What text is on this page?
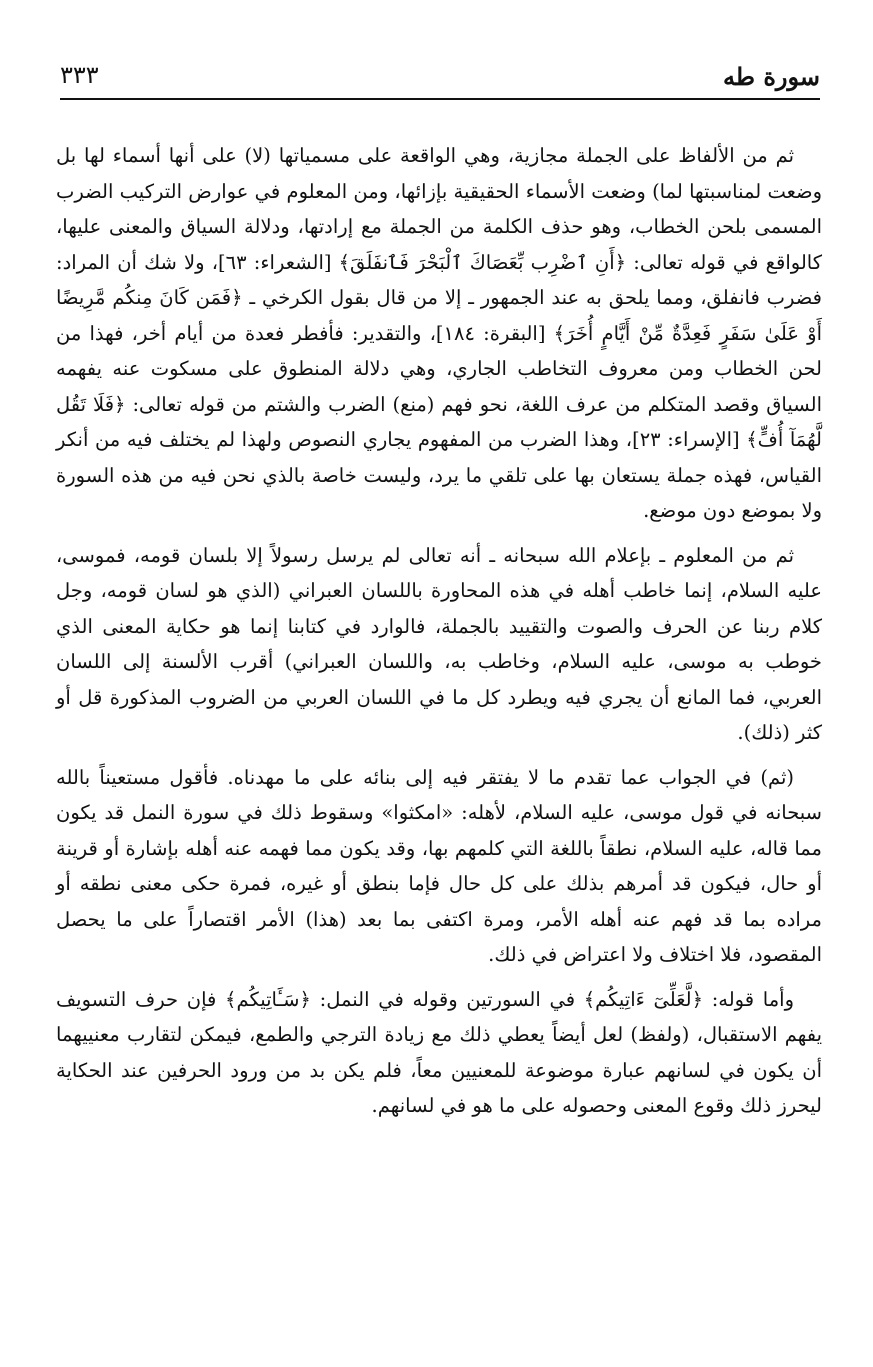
سورة طه
٣٣٣

ثم من الألفاظ على الجملة مجازية، وهي الواقعة على مسمياتها (لا) على أنها أسماء لها بل وضعت لمناسبتها لما) وضعت الأسماء الحقيقية بإزائها، ومن المعلوم في عوارض التركيب الضرب المسمى بلحن الخطاب، وهو حذف الكلمة من الجملة مع إرادتها، ودلالة السياق والمعنى عليها، كالواقع في قوله تعالى: ﴿أَنِ ٱضْرِب بِّعَصَاكَ ٱلْبَحْرَ فَٱنفَلَقَ﴾ [الشعراء: ٦٣]، ولا شك أن المراد: فضرب فانفلق، ومما يلحق به عند الجمهور ـ إلا من قال بقول الكرخي ـ ﴿فَمَن كَانَ مِنكُم مَّرِيضًا أَوْ عَلَىٰ سَفَرٍ فَعِدَّةٌ مِّنْ أَيَّامٍ أُخَرَ﴾ [البقرة: ١٨٤]، والتقدير: فأفطر فعدة من أيام أخر، فهذا من لحن الخطاب ومن معروف التخاطب الجاري، وهي دلالة المنطوق على مسكوت عنه يفهمه السياق وقصد المتكلم من عرف اللغة، نحو فهم (منع) الضرب والشتم من قوله تعالى: ﴿فَلَا تَقُل لَّهُمَآ أُفٍّ﴾ [الإسراء: ٢٣]، وهذا الضرب من المفهوم يجاري النصوص ولهذا لم يختلف فيه من أنكر القياس، فهذه جملة يستعان بها على تلقي ما يرد، وليست خاصة بالذي نحن فيه من هذه السورة ولا بموضع دون موضع.

ثم من المعلوم ـ بإعلام الله سبحانه ـ أنه تعالى لم يرسل رسولاً إلا بلسان قومه، فموسى، عليه السلام، إنما خاطب أهله في هذه المحاورة باللسان العبراني (الذي هو لسان قومه، وجل كلام ربنا عن الحرف والصوت والتقييد بالجملة، فالوارد في كتابنا إنما هو حكاية المعنى الذي خوطب به موسى، عليه السلام، وخاطب به، واللسان العبراني) أقرب الألسنة إلى اللسان العربي، فما المانع أن يجري فيه ويطرد كل ما في اللسان العربي من الضروب المذكورة قل أو كثر (ذلك).

(ثم) في الجواب عما تقدم ما لا يفتقر فيه إلى بنائه على ما مهدناه. فأقول مستعيناً بالله سبحانه في قول موسى، عليه السلام، لأهله: «امكثوا» وسقوط ذلك في سورة النمل قد يكون مما قاله، عليه السلام، نطقاً باللغة التي كلمهم بها، وقد يكون مما فهمه عنه أهله بإشارة أو قرينة أو حال، فيكون قد أمرهم بذلك على كل حال فإما بنطق أو غيره، فمرة حكى معنى نطقه أو مراده بما قد فهم عنه أهله الأمر، ومرة اكتفى بما بعد (هذا) الأمر اقتصاراً على ما يحصل المقصود، فلا اختلاف ولا اعتراض في ذلك.

وأما قوله: ﴿لَّعَلِّىٓ ءَاتِيكُم﴾ في السورتين وقوله في النمل: ﴿سَـَٔاتِيكُم﴾ فإن حرف التسويف يفهم الاستقبال، (ولفظ) لعل أيضاً يعطي ذلك مع زيادة الترجي والطمع، فيمكن لتقارب معنييهما أن يكون في لسانهم عبارة موضوعة للمعنيين معاً، فلم يكن بد من ورود الحرفين عند الحكاية ليحرز ذلك وقوع المعنى وحصوله على ما هو في لسانهم.
